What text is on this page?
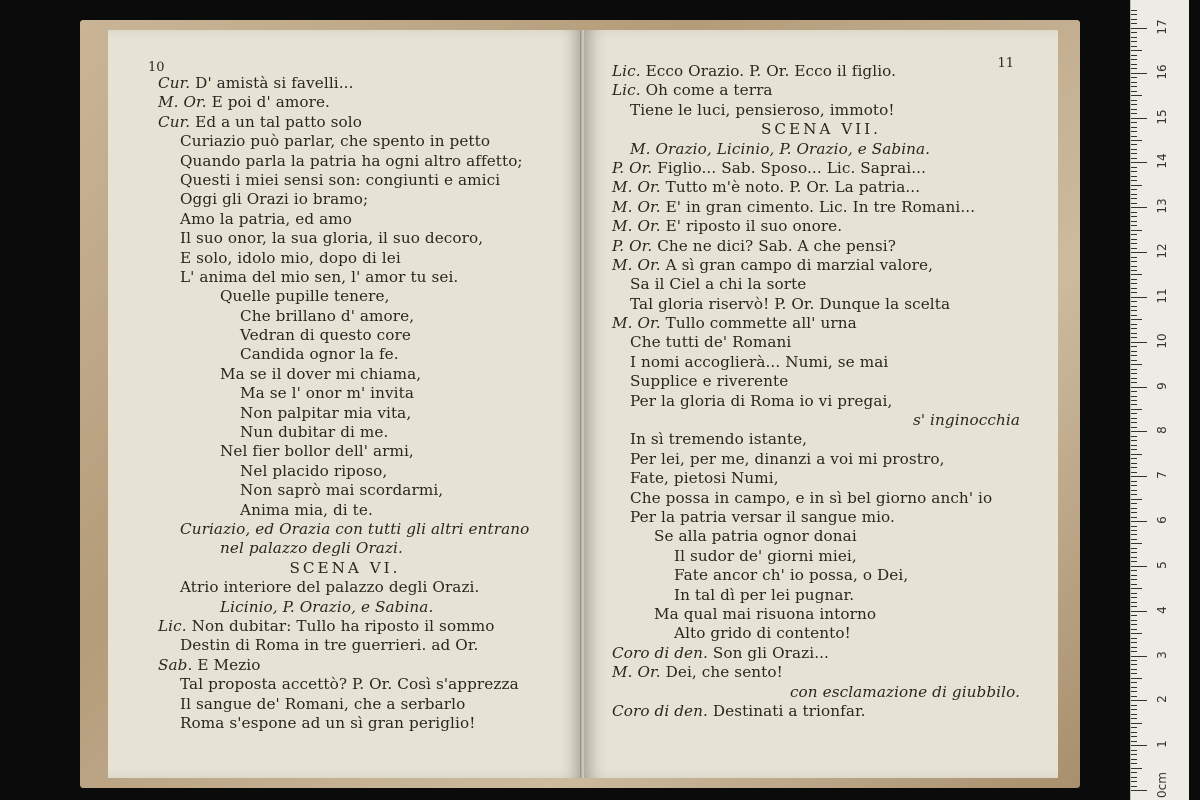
10
Cur. D' amistà si favelli...
M. Or. E poi d' amore.
Cur. Ed a un tal patto solo
Curiazio può parlar, che spento in petto
Quando parla la patria ha ogni altro affetto;
Questi i miei sensi son: congiunti e amici
Oggi gli Orazi io bramo;
Amo la patria, ed amo
Il suo onor, la sua gloria, il suo decoro,
E solo, idolo mio, dopo di lei
L' anima del mio sen, l' amor tu sei.
Quelle pupille tenere,
Che brillano d' amore,
Vedran di questo core
Candida ognor la fe.
Ma se il dover mi chiama,
Ma se l' onor m' invita
Non palpitar mia vita,
Nun dubitar di me.
Nel fier bollor dell' armi,
Nel placido riposo,
Non saprò mai scordarmi,
Anima mia, di te.
Curiazio, ed Orazia con tutti gli altri entrano
nel palazzo degli Orazi.
SCENA VI.
Atrio interiore del palazzo degli Orazi.
Licinio, P. Orazio, e Sabina.
Lic. Non dubitar: Tullo ha riposto il sommo
Destin di Roma in tre guerrieri. ad Or.
Sab. E Mezio
Tal proposta accettò? P. Or. Così s'apprezza
Il sangue de' Romani, che a serbarlo
Roma s'espone ad un sì gran periglio!
11
Lic. Ecco Orazio. P. Or. Ecco il figlio.
Lic. Oh come a terra
Tiene le luci, pensieroso, immoto!
SCENA VII.
M. Orazio, Licinio, P. Orazio, e Sabina.
P. Or. Figlio... Sab. Sposo... Lic. Saprai...
M. Or. Tutto m'è noto. P. Or. La patria...
M. Or. E' in gran cimento. Lic. In tre Romani...
M. Or. E' riposto il suo onore.
P. Or. Che ne dici? Sab. A che pensi?
M. Or. A sì gran campo di marzial valore,
Sa il Ciel a chi la sorte
Tal gloria riservò! P. Or. Dunque la scelta
M. Or. Tullo commette all' urna
Che tutti de' Romani
I nomi accoglierà... Numi, se mai
Supplice e riverente
Per la gloria di Roma io vi pregai,
s' inginocchia
In sì tremendo istante,
Per lei, per me, dinanzi a voi mi prostro,
Fate, pietosi Numi,
Che possa in campo, e in sì bel giorno anch' io
Per la patria versar il sangue mio.
Se alla patria ognor donai
Il sudor de' giorni miei,
Fate ancor ch' io possa, o Dei,
In tal dì per lei pugnar.
Ma qual mai risuona intorno
Alto grido di contento!
Coro di den. Son gli Orazi...
M. Or. Dei, che sento!
con esclamazione di giubbilo.
Coro di den. Destinati a trionfar.
17
16
15
14
13
12
11
10
9
8
7
6
5
4
3
2
1
0cm
